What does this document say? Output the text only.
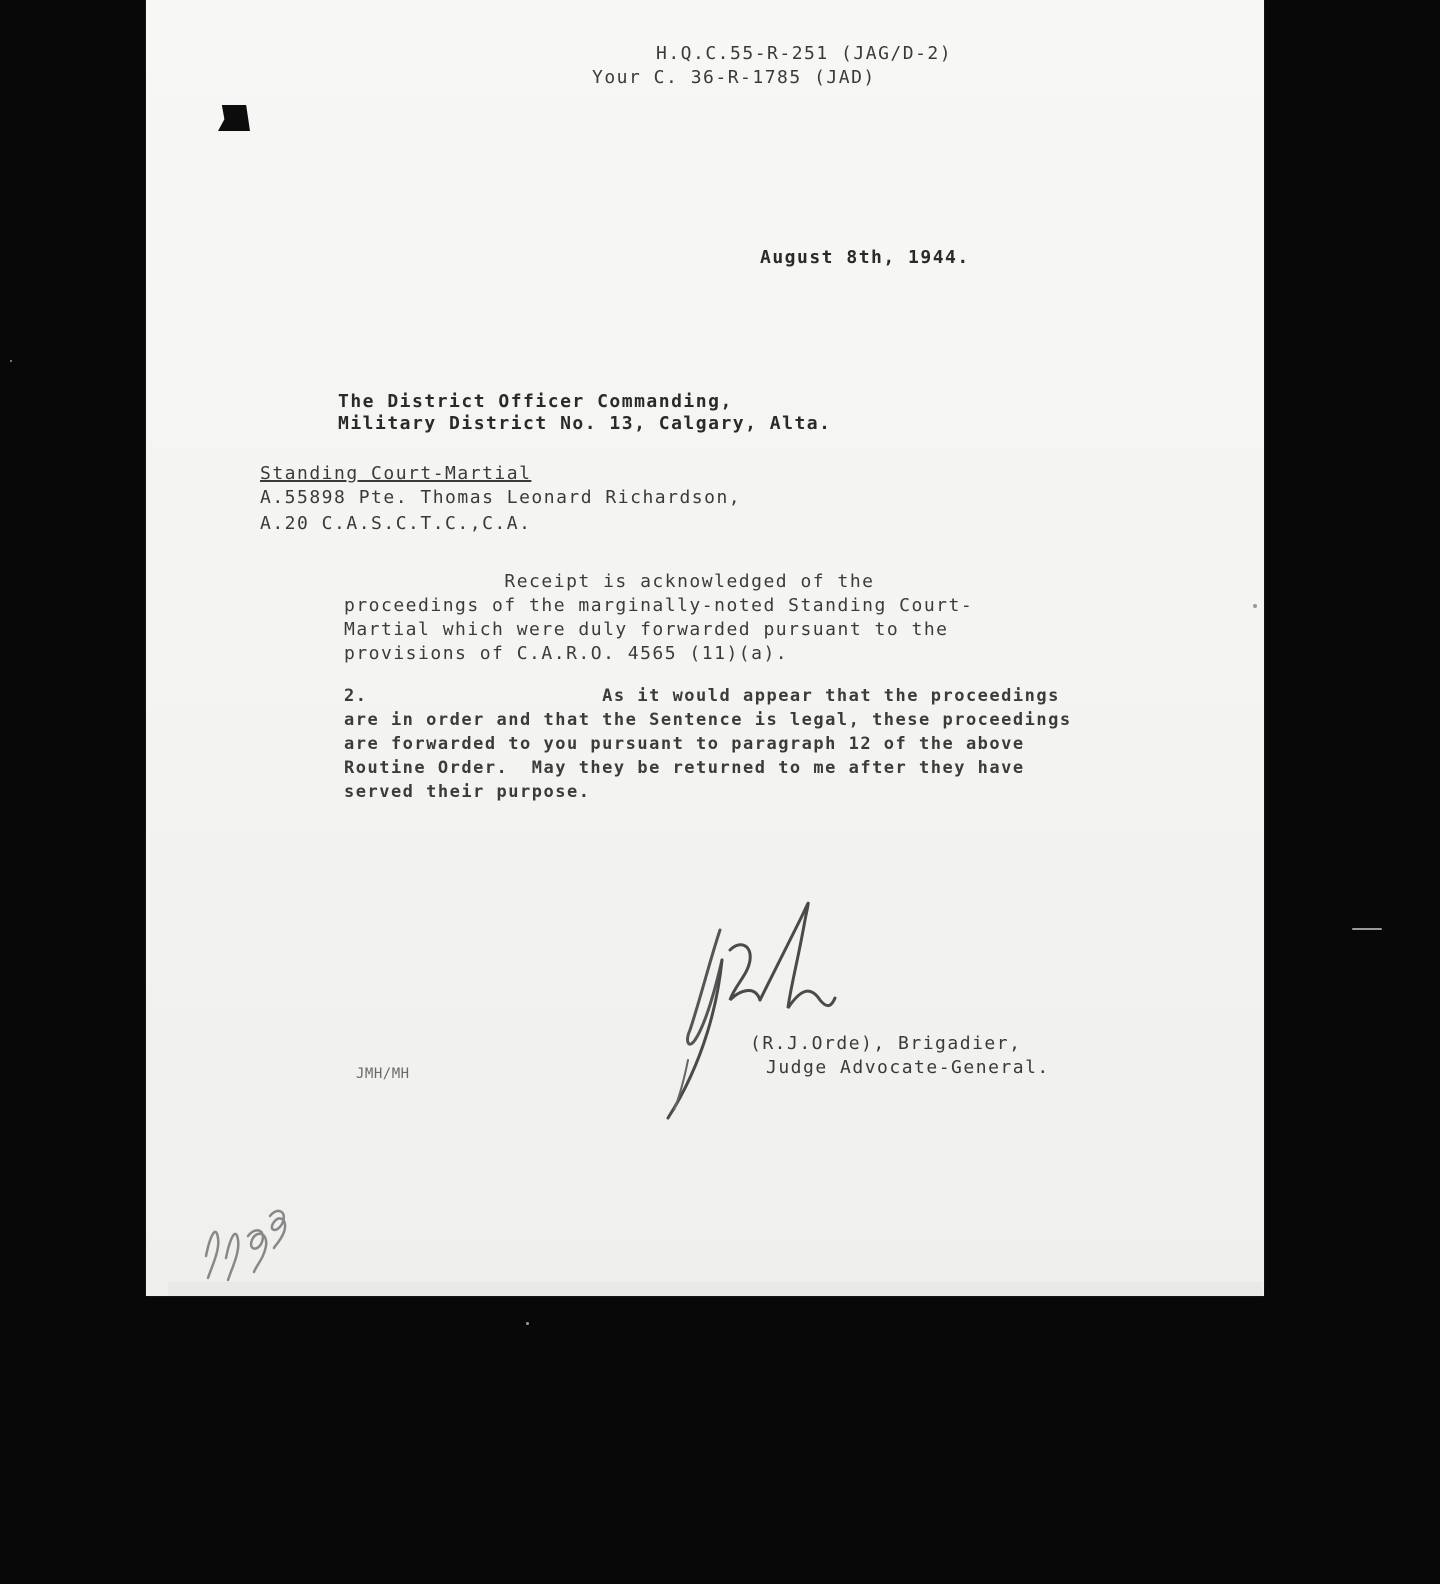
H.Q.C.55-R-251 (JAG/D-2)
Your C. 36-R-1785 (JAD)
August 8th, 1944.
The District Officer Commanding,
Military District No. 13, Calgary, Alta.
Standing Court-Martial
A.55898 Pte. Thomas Leonard Richardson,
A.20 C.A.S.C.T.C.,C.A.
Receipt is acknowledged of the
proceedings of the marginally-noted Standing Court-
Martial which were duly forwarded pursuant to the
provisions of C.A.R.O. 4565 (11)(a).
2.                    As it would appear that the proceedings
are in order and that the Sentence is legal, these proceedings
are forwarded to you pursuant to paragraph 12 of the above
Routine Order.  May they be returned to me after they have
served their purpose.
(R.J.Orde), Brigadier,
Judge Advocate-General.
JMH/MH
